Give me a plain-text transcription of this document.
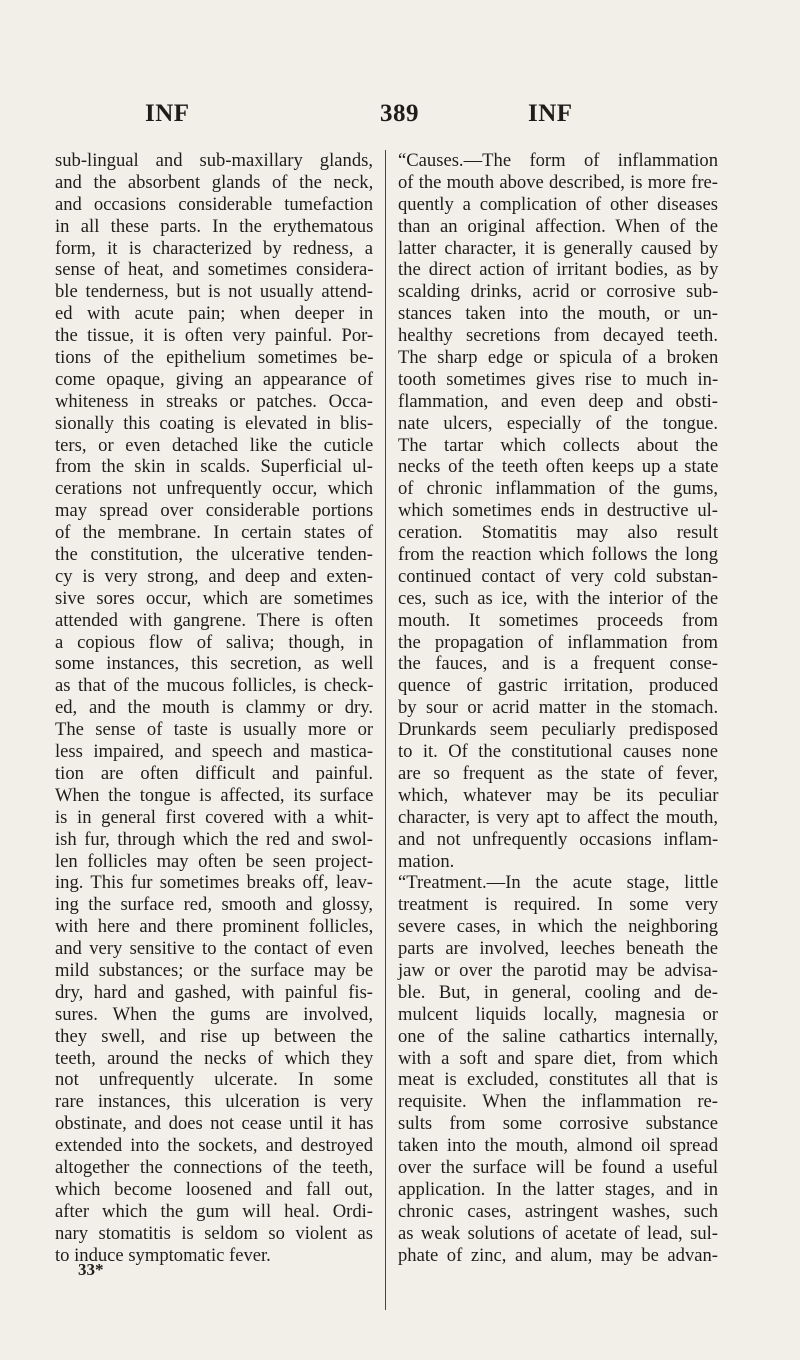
INF	389	INF
sub-lingual and sub-maxillary glands,
and the absorbent glands of the neck,
and occasions considerable tumefaction
in all these parts. In the erythematous
form, it is characterized by redness, a
sense of heat, and sometimes considera-
ble tenderness, but is not usually attend-
ed with acute pain; when deeper in
the tissue, it is often very painful. Por-
tions of the epithelium sometimes be-
come opaque, giving an appearance of
whiteness in streaks or patches. Occa-
sionally this coating is elevated in blis-
ters, or even detached like the cuticle
from the skin in scalds. Superficial ul-
cerations not unfrequently occur, which
may spread over considerable portions
of the membrane. In certain states of
the constitution, the ulcerative tenden-
cy is very strong, and deep and exten-
sive sores occur, which are sometimes
attended with gangrene. There is often
a copious flow of saliva; though, in
some instances, this secretion, as well
as that of the mucous follicles, is check-
ed, and the mouth is clammy or dry.
The sense of taste is usually more or
less impaired, and speech and mastica-
tion are often difficult and painful.
When the tongue is affected, its surface
is in general first covered with a whit-
ish fur, through which the red and swol-
len follicles may often be seen project-
ing. This fur sometimes breaks off, leav-
ing the surface red, smooth and glossy,
with here and there prominent follicles,
and very sensitive to the contact of even
mild substances; or the surface may be
dry, hard and gashed, with painful fis-
sures. When the gums are involved,
they swell, and rise up between the
teeth, around the necks of which they
not unfrequently ulcerate. In some
rare instances, this ulceration is very
obstinate, and does not cease until it has
extended into the sockets, and destroyed
altogether the connections of the teeth,
which become loosened and fall out,
after which the gum will heal. Ordi-
nary stomatitis is seldom so violent as
to induce symptomatic fever.
“Causes.—The form of inflammation
of the mouth above described, is more fre-
quently a complication of other diseases
than an original affection. When of the
latter character, it is generally caused by
the direct action of irritant bodies, as by
scalding drinks, acrid or corrosive sub-
stances taken into the mouth, or un-
healthy secretions from decayed teeth.
The sharp edge or spicula of a broken
tooth sometimes gives rise to much in-
flammation, and even deep and obsti-
nate ulcers, especially of the tongue.
The tartar which collects about the
necks of the teeth often keeps up a state
of chronic inflammation of the gums,
which sometimes ends in destructive ul-
ceration. Stomatitis may also result
from the reaction which follows the long
continued contact of very cold substan-
ces, such as ice, with the interior of the
mouth. It sometimes proceeds from
the propagation of inflammation from
the fauces, and is a frequent conse-
quence of gastric irritation, produced
by sour or acrid matter in the stomach.
Drunkards seem peculiarly predisposed
to it. Of the constitutional causes none
are so frequent as the state of fever,
which, whatever may be its peculiar
character, is very apt to affect the mouth,
and not unfrequently occasions inflam-
mation.
“Treatment.—In the acute stage, little
treatment is required. In some very
severe cases, in which the neighboring
parts are involved, leeches beneath the
jaw or over the parotid may be advisa-
ble. But, in general, cooling and de-
mulcent liquids locally, magnesia or
one of the saline cathartics internally,
with a soft and spare diet, from which
meat is excluded, constitutes all that is
requisite. When the inflammation re-
sults from some corrosive substance
taken into the mouth, almond oil spread
over the surface will be found a useful
application. In the latter stages, and in
chronic cases, astringent washes, such
as weak solutions of acetate of lead, sul-
phate of zinc, and alum, may be advan-
33*
